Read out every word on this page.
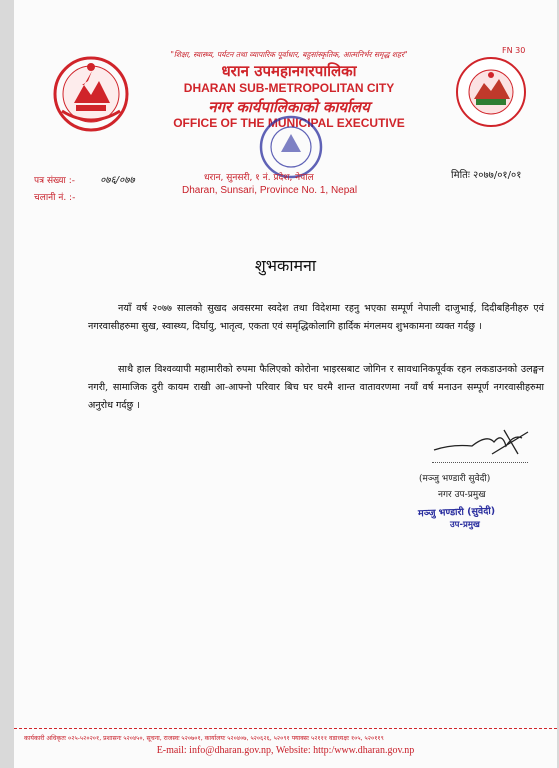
"शिक्षा, स्वास्थ्य, पर्यटन तथा व्यापारिक पूर्वाधार, बहुसांस्कृतिक, आत्मनिर्भर समृद्ध शहर"	FN 30
धरान उपमहानगरपालिका
DHARAN SUB-METROPOLITAN CITY
नगर कार्यपालिकाको कार्यालय
OFFICE OF THE MUNICIPAL EXECUTIVE
पत्र संख्या :-	०७६/०७७
चलानी नं. :-
धरान, सुनसरी, १ नं. प्रदेश, नेपाल
Dharan, Sunsari, Province No. 1, Nepal
मितिः २०७७/०१/०१
शुभकामना
नयाँ वर्ष २०७७ सालको सुखद अवसरमा स्वदेश तथा विदेशमा रहनु भएका सम्पूर्ण नेपाली दाजुभाई, दिदीबहिनीहरु एवं नगरवासीहरुमा सुख, स्वास्थ्य, दिर्घायु, भातृत्व, एकता एवं समृद्धिकोलागि हार्दिक मंगलमय शुभकामना व्यक्त गर्दछु ।
साथै हाल विश्वव्यापी महामारीको रुपमा फैलिएको कोरोना भाइरसबाट जोगिन र सावधानिकपूर्वक रहन लकडाउनको उलङ्घन नगरी, सामाजिक दुरी कायम राखी आ-आफ्नो परिवार बिच घर घरमै शान्त वातावरणमा नयाँ वर्ष मनाउन सम्पूर्ण नगरवासीहरुमा अनुरोध गर्दछु ।
(मञ्जु भण्डारी सुवेदी)
नगर उप-प्रमुख
मञ्जु भण्डारी (सुवेदी)
उप-प्रमुख
कार्यकारी अधिकृतः ०२५-५२०२०१, प्रशासनः ५२०४५०, सूचना, राजस्वः ५२०७०१, कार्यालयः ५२०४०७, ५२०६२६, ५२०९१ फ्याक्सः ५२१११ वडाध्यक्षः १०५, ५२०११९
E-mail: info@dharan.gov.np, Website: http:/www.dharan.gov.np
